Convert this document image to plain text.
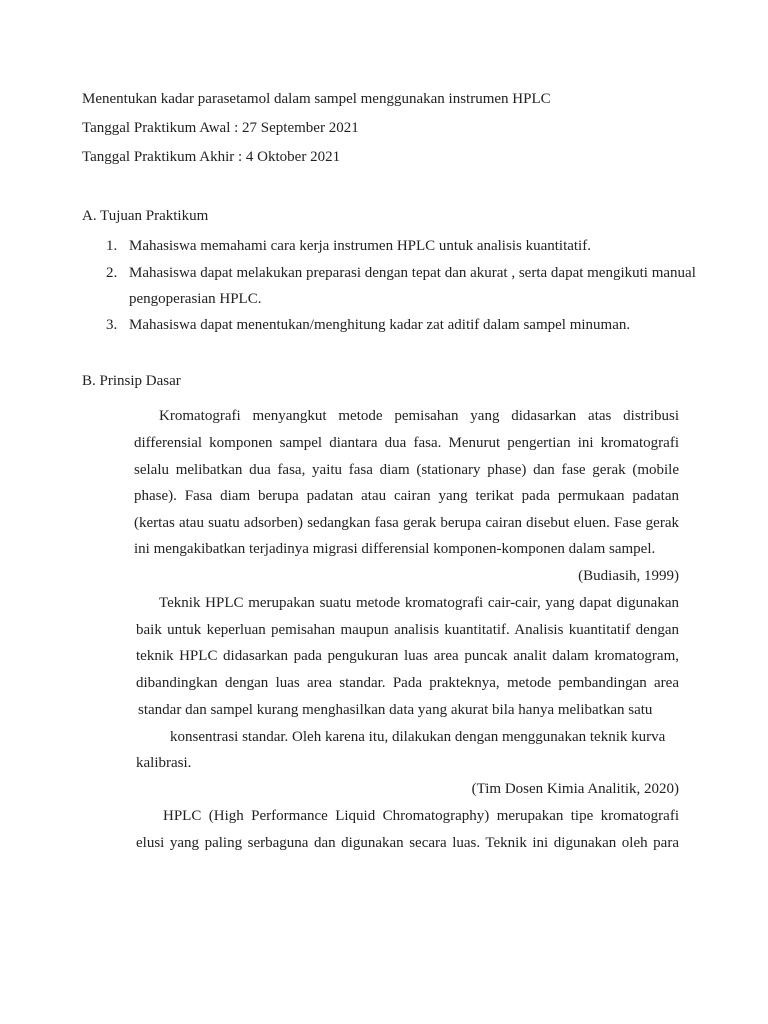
Menentukan kadar parasetamol dalam sampel menggunakan instrumen HPLC
Tanggal Praktikum Awal : 27 September 2021
Tanggal Praktikum Akhir : 4 Oktober 2021
A. Tujuan Praktikum
1. Mahasiswa memahami cara kerja instrumen HPLC untuk analisis kuantitatif.
2. Mahasiswa dapat melakukan preparasi dengan tepat dan akurat , serta dapat mengikuti manual
pengoperasian HPLC.
3. Mahasiswa dapat menentukan/menghitung kadar zat aditif dalam sampel minuman.
B. Prinsip Dasar
Kromatografi menyangkut metode pemisahan yang didasarkan atas distribusi
differensial komponen sampel diantara dua fasa. Menurut pengertian ini kromatografi
selalu melibatkan dua fasa, yaitu fasa diam (stationary phase) dan fase gerak (mobile
phase). Fasa diam berupa padatan atau cairan yang terikat pada permukaan padatan
(kertas atau suatu adsorben) sedangkan fasa gerak berupa cairan disebut eluen. Fase gerak
ini mengakibatkan terjadinya migrasi differensial komponen-komponen dalam sampel.
(Budiasih, 1999)
Teknik HPLC merupakan suatu metode kromatografi cair-cair, yang dapat digunakan
baik untuk keperluan pemisahan maupun analisis kuantitatif. Analisis kuantitatif dengan
teknik HPLC didasarkan pada pengukuran luas area puncak analit dalam kromatogram,
dibandingkan dengan luas area standar. Pada prakteknya, metode pembandingan area
standar dan sampel kurang menghasilkan data yang akurat bila hanya melibatkan satu
konsentrasi standar. Oleh karena itu, dilakukan dengan menggunakan teknik kurva
kalibrasi.
(Tim Dosen Kimia Analitik, 2020)
HPLC (High Performance Liquid Chromatography) merupakan tipe kromatografi
elusi yang paling serbaguna dan digunakan secara luas. Teknik ini digunakan oleh para
